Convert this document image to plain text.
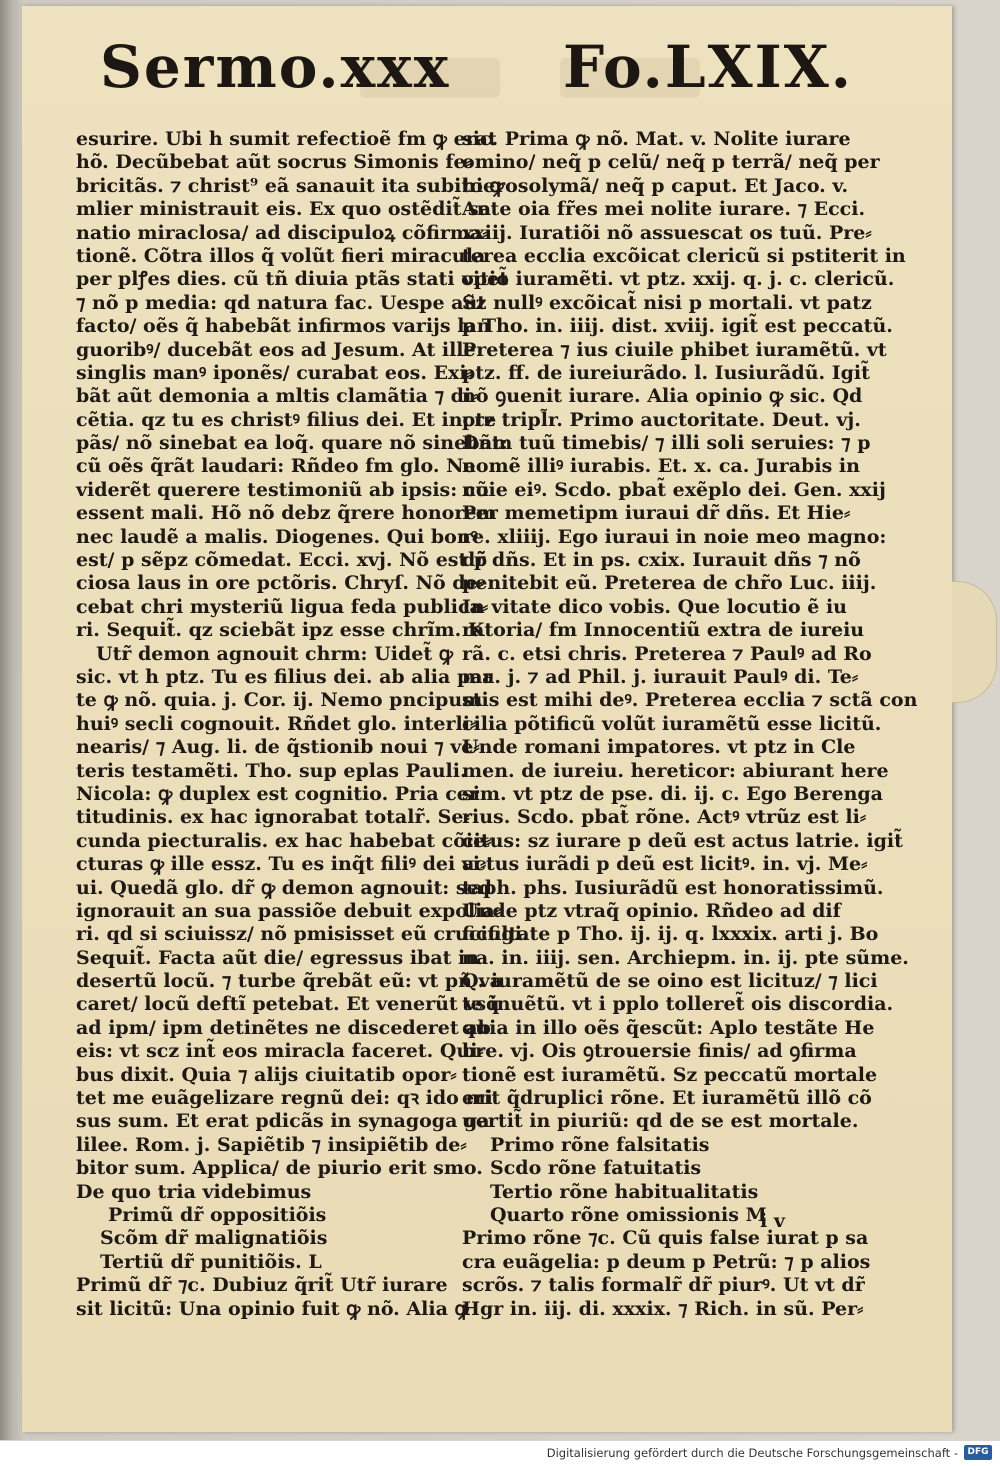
Sermo.xxx Fo.LXIX.
esurire. Ubi h sumit refectioẽ fm ꝙ erat
hõ. Decũbebat aũt socrus Simonis fe⸗
bricitãs. ⁊ christ⁹ eã sanauit ita subito ꝙ
mlier ministrauit eis. Ex quo ostẽdit̃ sa
natio miraclosa/ ad discipuloꝝ cõfirma⸗
tionẽ. Cõtra illos q̃ volũt fieri miracula
per plꝭes dies. cũ tñ diuia ptãs stati opet̃
⁊ nõ p media: qd natura fac. Uespe aũt
facto/ oẽs q̃ habebãt infirmos varijs lan
guoribꝰ/ ducebãt eos ad Jesum. At ille
singlis manꝰ iponẽs/ curabat eos. Exi⸗
bãt aũt demonia a mltis clamãtia ⁊ di⸗
cẽtia. qz tu es christꝰ filius dei. Et incre
pãs/ nõ sinebat ea loq̃. quare nõ sinebat:
cũ oẽs q̃rãt laudari: Rñdeo fm glo. Ne
viderẽt querere testimoniũ ab ipsis: cũ
essent mali. Hõ nõ debz q̃rere honorem
nec laudẽ a malis. Diogenes. Qui bonꝰ
est/ p sẽpz cõmedat. Ecci. xvj. Nõ est p̃
ciosa laus in ore pctõris. Chryſ. Nõ de⸗
cebat chri mysteriũ ligua feda publica⸗
ri. Sequit̃. qz sciebãt ipz esse chrĩm. K
Utr̃ demon agnouit chrm: Uidet̃ ꝙ
sic. vt h ptz. Tu es filius dei. ab alia par
te ꝙ nõ. quia. j. Cor. ij. Nemo pncipum
huiꝰ secli cognouit. Rñdet glo. interli⸗
nearis/ ⁊ Aug. li. de q̃stionib noui ⁊ ve⸗
teris testamẽti. Tho. sup eplas Pauli.
Nicola: ꝙ duplex est cognitio. Pria cer
titudinis. ex hac ignorabat totalr̃. Se⸗
cunda piecturalis. ex hac habebat cõie⸗
cturas ꝙ ille essz. Tu es inq̃t filiꝰ dei vi⸗
ui. Quedã glo. dr̃ ꝙ demon agnouit: sed
ignorauit an sua passiõe debuit expolia⸗
ri. qd si sciuissz/ nõ pmisisset eũ crucifigi.
Sequit̃. Facta aũt die/ egressus ibat in
desertũ locũ. ⁊ turbe q̃rebãt eũ: vt pñ va
caret/ locũ deftĩ petebat. Et venerũt vsq̃
ad ipm/ ipm detinẽtes ne discederet ab
eis: vt scz int̃ eos miracla faceret. Qui⸗
bus dixit. Quia ⁊ alijs ciuitatib opor⸗
tet me euãgelizare regnũ dei: qꝛ ido mi
sus sum. Et erat pdicãs in synagoga ga
lilee. Rom. j. Sapiẽtib ⁊ insipiẽtib de⸗
bitor sum. Applica/ de piurio erit smo.
De quo tria videbimus
Primũ dr̃ oppositiõis
Scõm dr̃ malignatiõis
Tertiũ dr̃ punitiõis. L
Primũ dr̃ ⁊c. Dubiuz q̃rit̃ Utr̃ iurare
sit licitũ: Una opinio fuit ꝙ nõ. Alia ꝙ
sic. Prima ꝙ nõ. Mat. v. Nolite iurare
omino/ neq̃ p celũ/ neq̃ p terrã/ neq̃ per
hierosolymã/ neq̃ p caput. Et Jaco. v.
Ante oia fr̃es mei nolite iurare. ⁊ Ecci.
xxiij. Iuratiõi nõ assuescat os tuũ. Pre⸗
terea ecclia excõicat clericũ si pstiterit in
vitio iuramẽti. vt ptz. xxij. q. j. c. clericũ.
Sz nullꝰ excõicat̃ nisi p mortali. vt patz
p Tho. in. iiij. dist. xviij. igit̃ est peccatũ.
Preterea ⁊ ius ciuile phibet iuramẽtũ. vt
ptz. ff. de iureiurãdo. l. Iusiurãdũ. Igit̃
nõ ꝯuenit iurare. Alia opinio ꝙ sic. Qd
ptz tripl̃r. Primo auctoritate. Deut. vj.
Dñm tuũ timebis/ ⁊ illi soli seruies: ⁊ p
nomẽ illiꝰ iurabis. Et. x. ca. Jurabis in
noie eiꝰ. Scdo. pbat̃ exẽplo dei. Gen. xxij
Per memetipm iuraui dr̃ dñs. Et Hie⸗
re. xliiij. Ego iuraui in noie meo magno:
dr̃ dñs. Et in ps. cxix. Iurauit dñs ⁊ nõ
penitebit eũ. Preterea de chr̃o Luc. iiij.
In vitate dico vobis. Que locutio ẽ iu
ratoria/ fm Innocentiũ extra de iureiu
rã. c. etsi chris. Preterea ⁊ Paulꝰ ad Ro
ma. j. ⁊ ad Phil. j. iurauit Paulꝰ di. Te⸗
stis est mihi deꝰ. Preterea ecclia ⁊ sctã con
cilia põtificũ volũt iuramẽtũ esse licitũ.
Unde romani impatores. vt ptz in Cle
men. de iureiu. hereticor: abiurant here
sim. vt ptz de pse. di. ij. c. Ego Berenga
rius. Scdo. pbat̃ rõne. Actꝰ vtrũz est li⸗
citus: sz iurare p deũ est actus latrie. igit̃
actus iurãdi p deũ est licitꝰ. in. vj. Me⸗
taph. phs. Iusiurãdũ est honoratissimũ.
Unde ptz vtraq̃ opinio. Rñdeo ad dif
ficultate p Tho. ij. ij. q. lxxxix. arti j. Bo
na. in. iiij. sen. Archiepm. in. ij. pte sũme.
Q. iuramẽtũ de se oino est licituz/ ⁊ lici
te inuẽtũ. vt i pplo tolleret̃ ois discordia.
quia in illo oẽs q̃escũt: Aplo testãte He
bre. vj. Ois ꝯtrouersie finis/ ad ꝯfirma
tionẽ est iuramẽtũ. Sz peccatũ mortale
erit q̃druplici rõne. Et iuramẽtũ illõ cõ
uertit̃ in piuriũ: qd de se est mortale.
Primo rõne falsitatis
Scdo rõne fatuitatis
Tertio rõne habitualitatis
Quarto rõne omissionis M
Primo rõne ⁊c. Cũ quis false iurat p sa
cra euãgelia: p deum p Petrũ: ⁊ p alios
scrõs. ⁊ talis formalr̃ dr̃ piurꝰ. Ut vt dr̃
Hgr in. iij. di. xxxix. ⁊ Rich. in sũ. Per⸗
i v
Digitalisierung gefördert durch die Deutsche Forschungsgemeinschaft -	DFG
